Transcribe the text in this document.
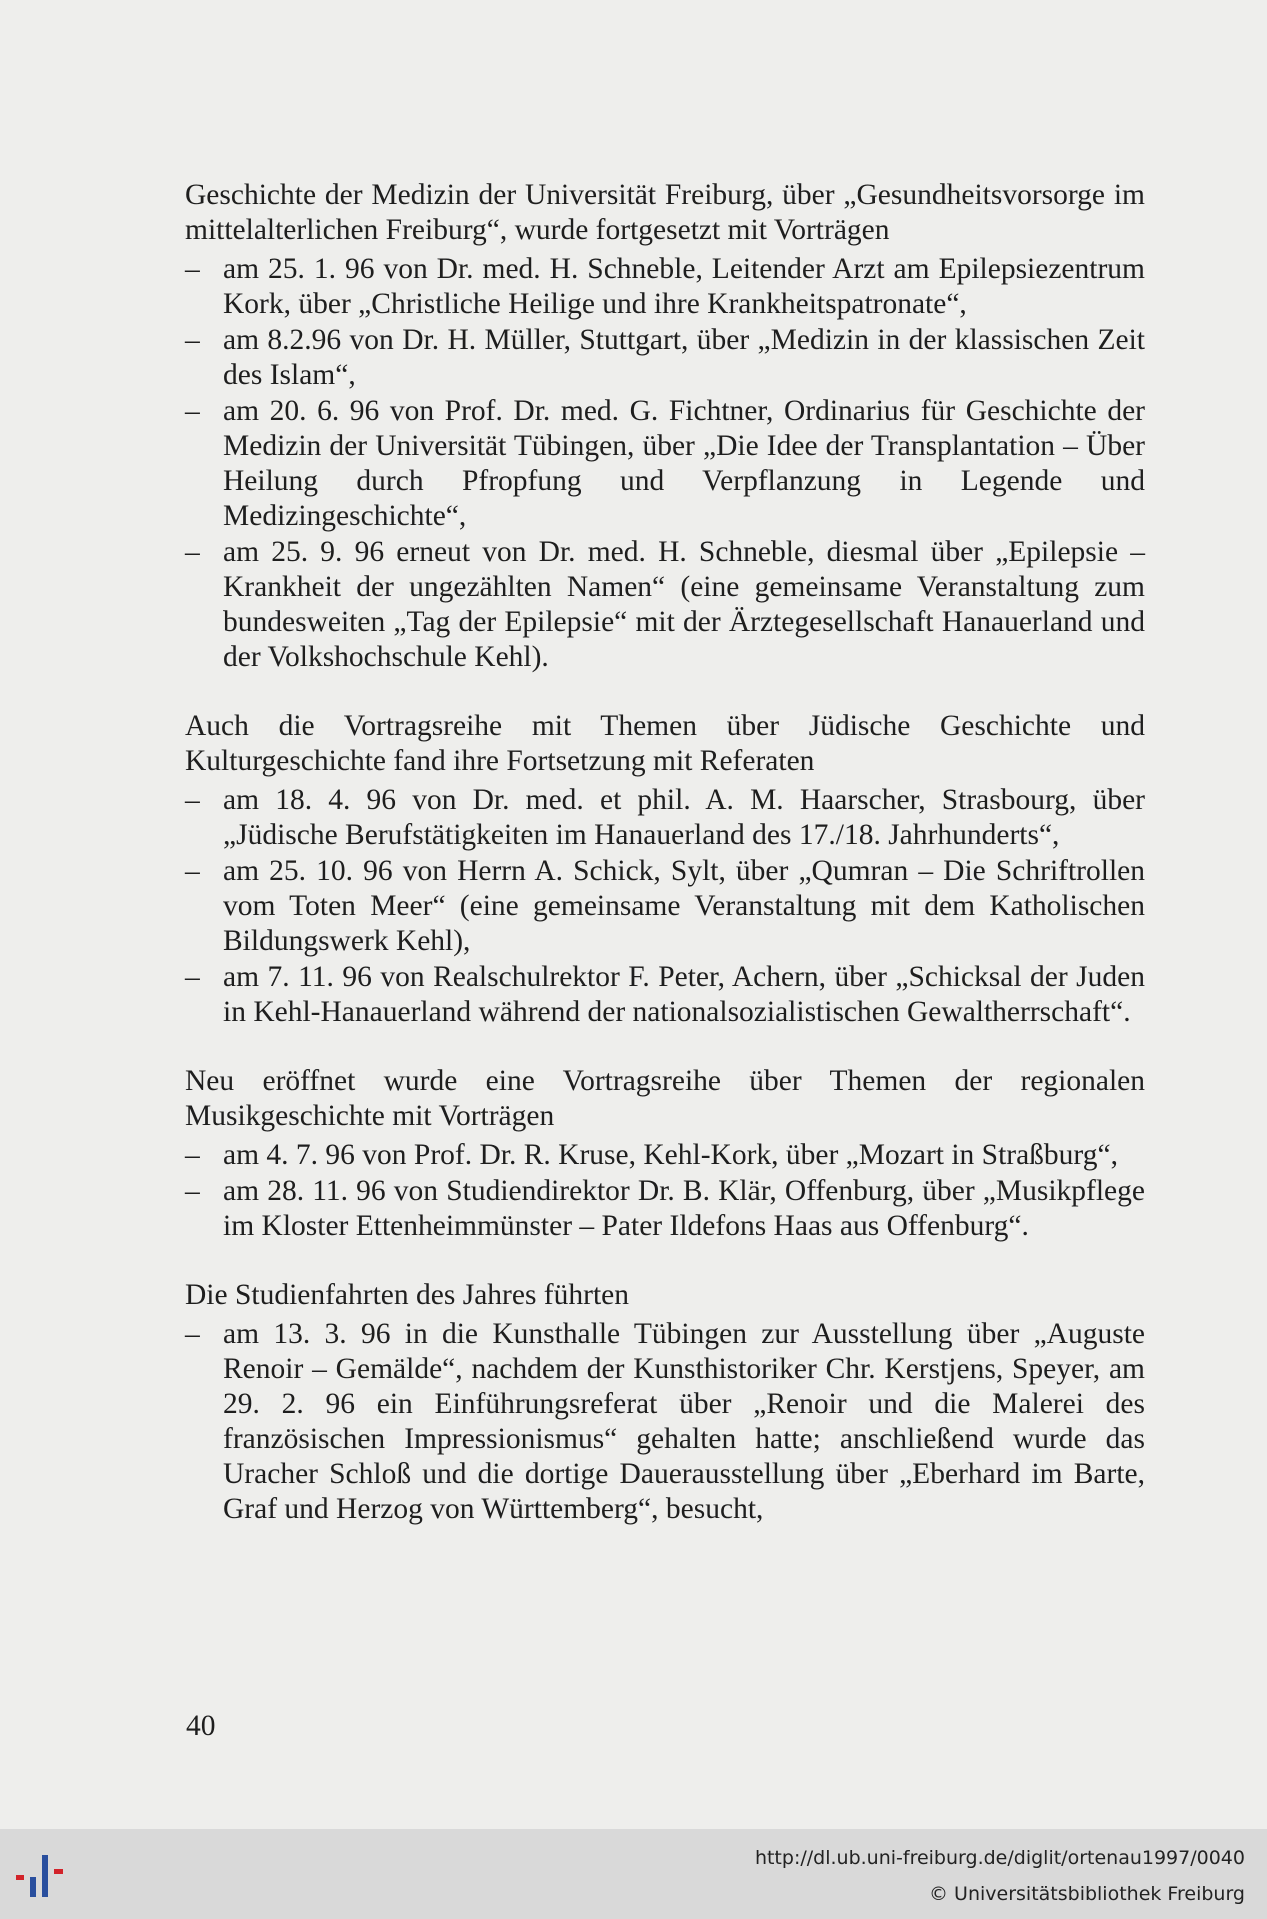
Geschichte der Medizin der Universität Freiburg, über „Gesundheitsvorsorge im mittelalterlichen Freiburg“, wurde fortgesetzt mit Vorträgen

– am 25. 1. 96 von Dr. med. H. Schneble, Leitender Arzt am Epilepsiezentrum Kork, über „Christliche Heilige und ihre Krankheitspatronate“,
– am 8.2.96 von Dr. H. Müller, Stuttgart, über „Medizin in der klassischen Zeit des Islam“,
– am 20. 6. 96 von Prof. Dr. med. G. Fichtner, Ordinarius für Geschichte der Medizin der Universität Tübingen, über „Die Idee der Transplantation – Über Heilung durch Pfropfung und Verpflanzung in Legende und Medizingeschichte“,
– am 25. 9. 96 erneut von Dr. med. H. Schneble, diesmal über „Epilepsie – Krankheit der ungezählten Namen“ (eine gemeinsame Veranstaltung zum bundesweiten „Tag der Epilepsie“ mit der Ärztegesellschaft Hanauerland und der Volkshochschule Kehl).

Auch die Vortragsreihe mit Themen über Jüdische Geschichte und Kulturgeschichte fand ihre Fortsetzung mit Referaten

– am 18. 4. 96 von Dr. med. et phil. A. M. Haarscher, Strasbourg, über „Jüdische Berufstätigkeiten im Hanauerland des 17./18. Jahrhunderts“,
– am 25. 10. 96 von Herrn A. Schick, Sylt, über „Qumran – Die Schriftrollen vom Toten Meer“ (eine gemeinsame Veranstaltung mit dem Katholischen Bildungswerk Kehl),
– am 7. 11. 96 von Realschulrektor F. Peter, Achern, über „Schicksal der Juden in Kehl-Hanauerland während der nationalsozialistischen Gewaltherrschaft“.

Neu eröffnet wurde eine Vortragsreihe über Themen der regionalen Musikgeschichte mit Vorträgen

– am 4. 7. 96 von Prof. Dr. R. Kruse, Kehl-Kork, über „Mozart in Straßburg“,
– am 28. 11. 96 von Studiendirektor Dr. B. Klär, Offenburg, über „Musikpflege im Kloster Ettenheimmünster – Pater Ildefons Haas aus Offenburg“.

Die Studienfahrten des Jahres führten

– am 13. 3. 96 in die Kunsthalle Tübingen zur Ausstellung über „Auguste Renoir – Gemälde“, nachdem der Kunsthistoriker Chr. Kerstjens, Speyer, am 29. 2. 96 ein Einführungsreferat über „Renoir und die Malerei des französischen Impressionismus“ gehalten hatte; anschließend wurde das Uracher Schloß und die dortige Dauerausstellung über „Eberhard im Barte, Graf und Herzog von Württemberg“, besucht,
40
http://dl.ub.uni-freiburg.de/diglit/ortenau1997/0040
© Universitätsbibliothek Freiburg
